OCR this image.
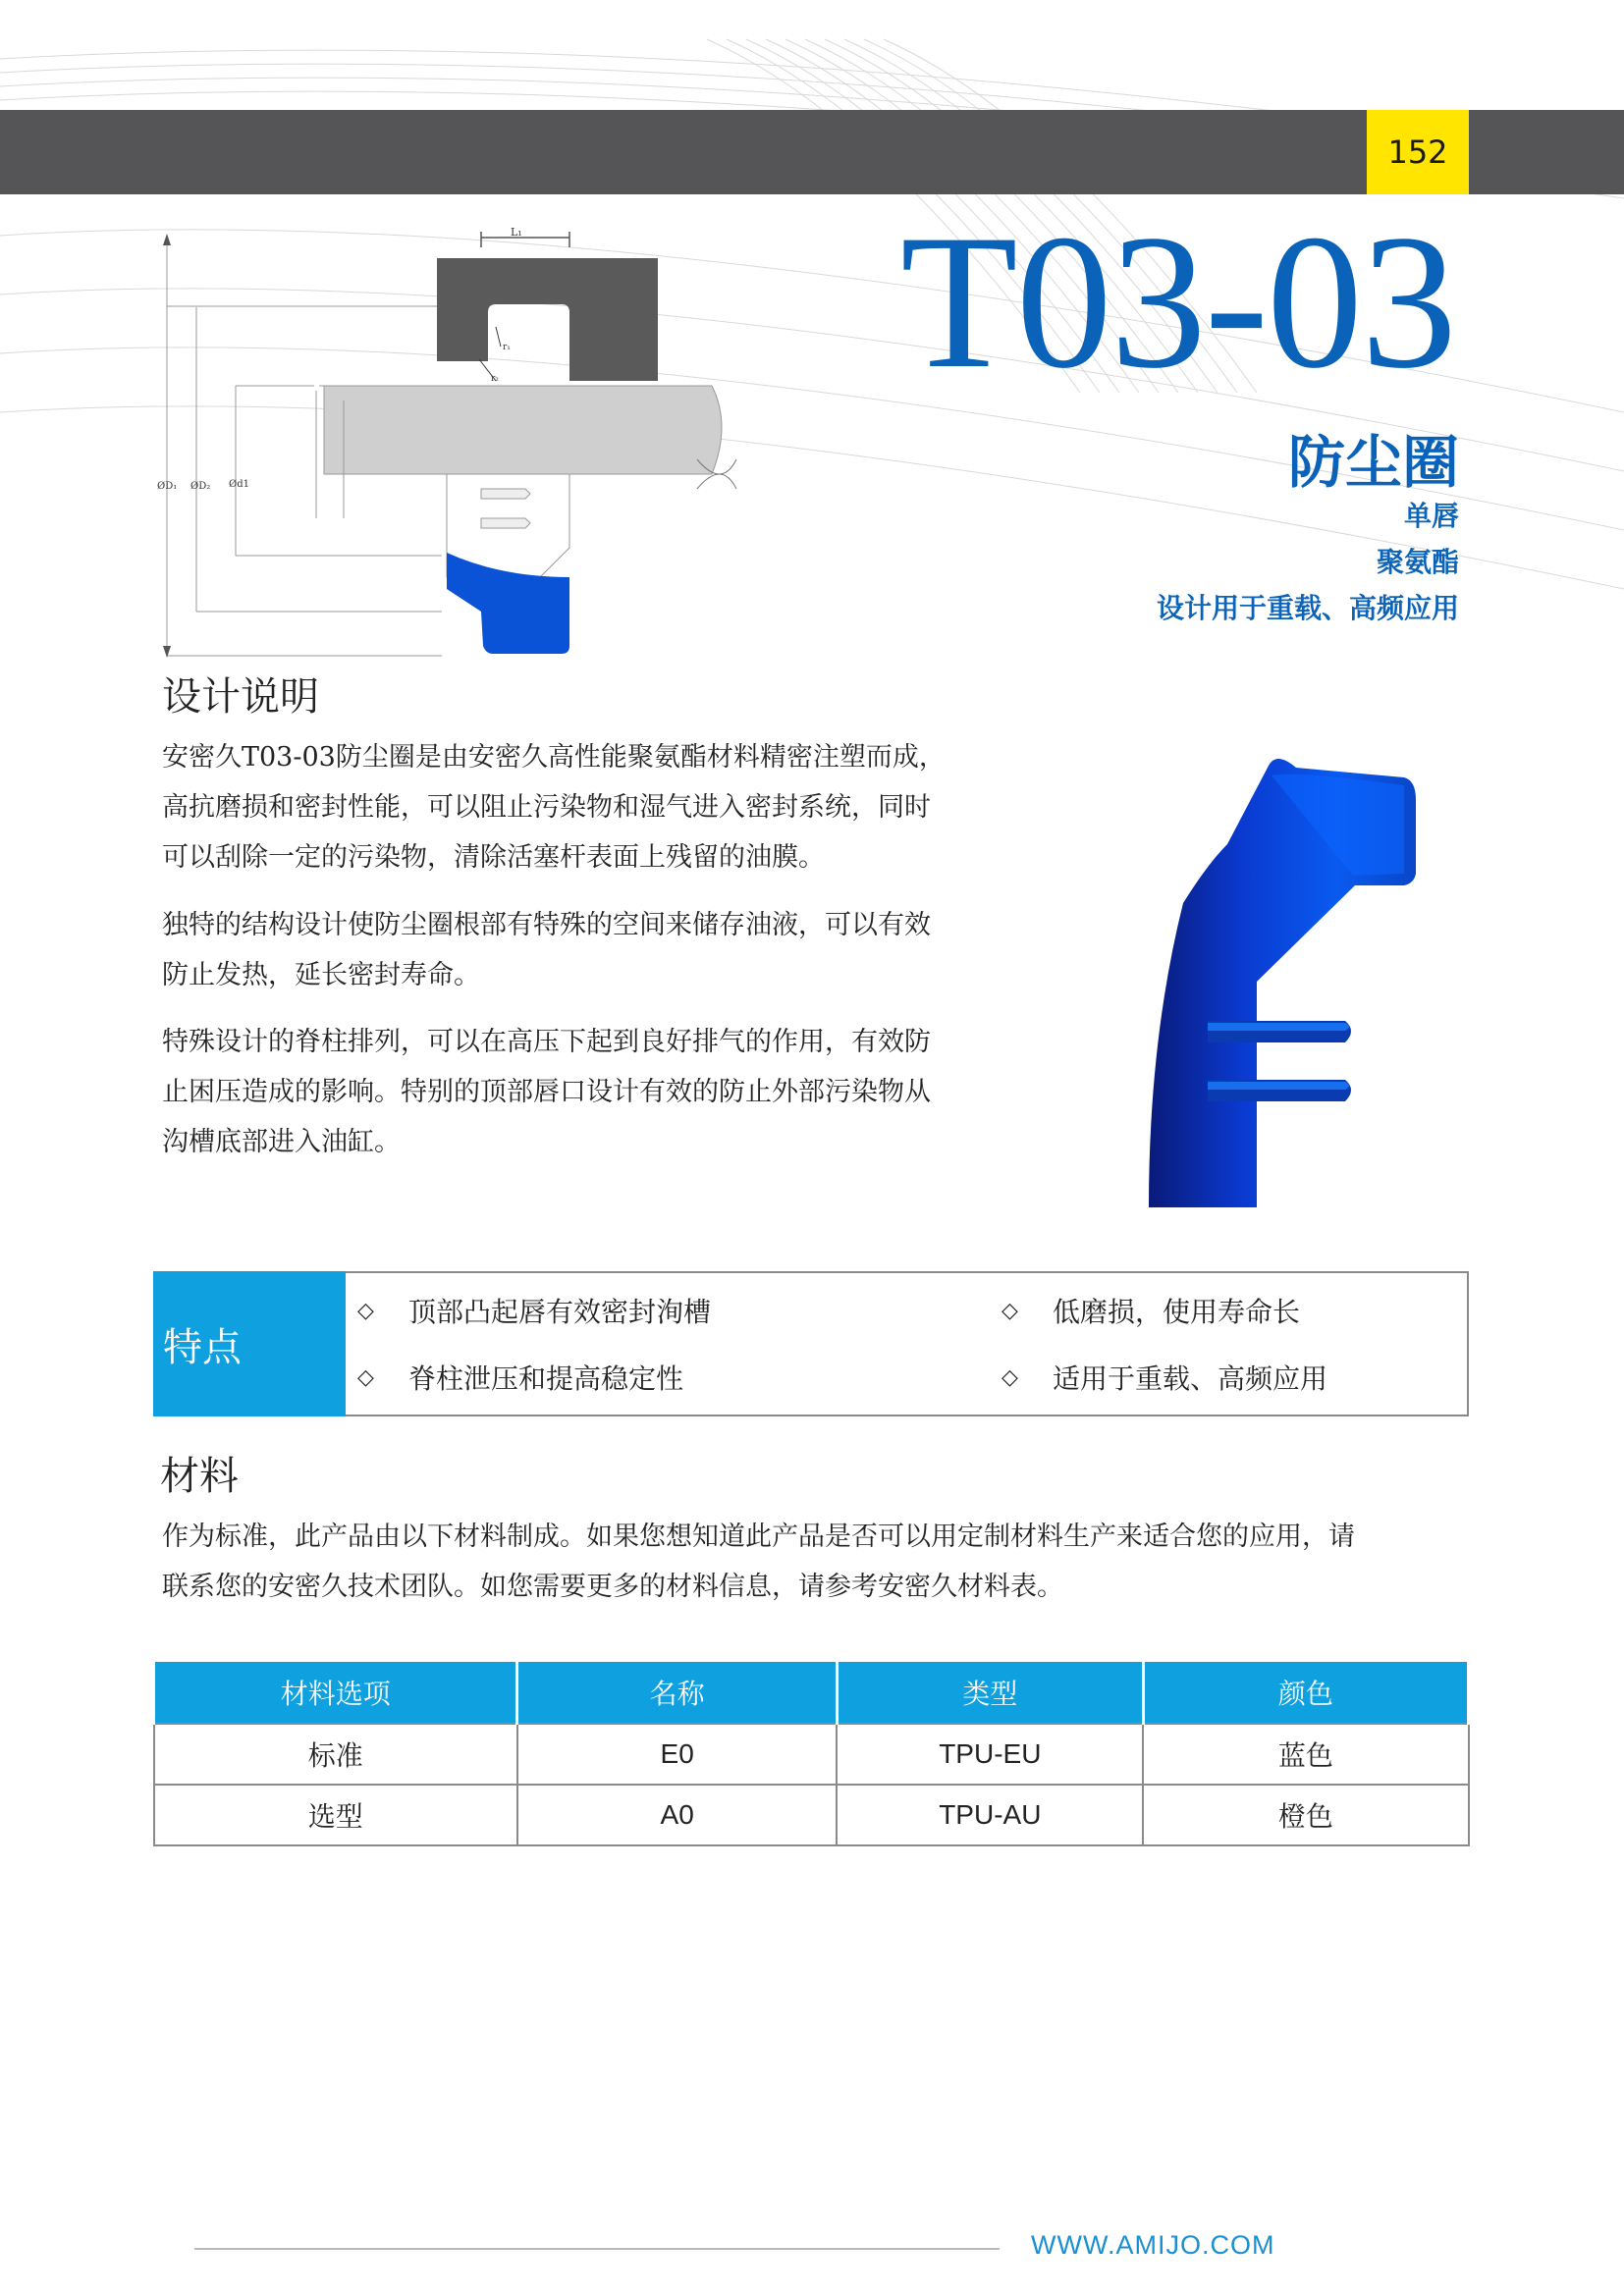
152
T03-03
防尘圈
单唇
聚氨酯
设计用于重载、高频应用
L₁
r₁
r₂
ØD₁ ØD₂ Ød1
设计说明

安密久T03-03防尘圈是由安密久高性能聚氨酯材料精密注塑而成，
高抗磨损和密封性能，可以阻止污染物和湿气进入密封系统，同时
可以刮除一定的污染物，清除活塞杆表面上残留的油膜。

独特的结构设计使防尘圈根部有特殊的空间来储存油液，可以有效
防止发热，延长密封寿命。

特殊设计的脊柱排列，可以在高压下起到良好排气的作用，有效防
止困压造成的影响。特别的顶部唇口设计有效的防止外部污染物从
沟槽底部进入油缸。

特点
◇	顶部凸起唇有效密封洵槽	◇	低磨损，使用寿命长
◇	脊柱泄压和提高稳定性	◇	适用于重载、高频应用
材料

作为标准，此产品由以下材料制成。如果您想知道此产品是否可以用定制材料生产来适合您的应用，请
联系您的安密久技术团队。如您需要更多的材料信息，请参考安密久材料表。

材料选项	名称	类型	颜色
标准	E0	TPU-EU	蓝色
选型	A0	TPU-AU	橙色
WWW.AMIJO.COM
